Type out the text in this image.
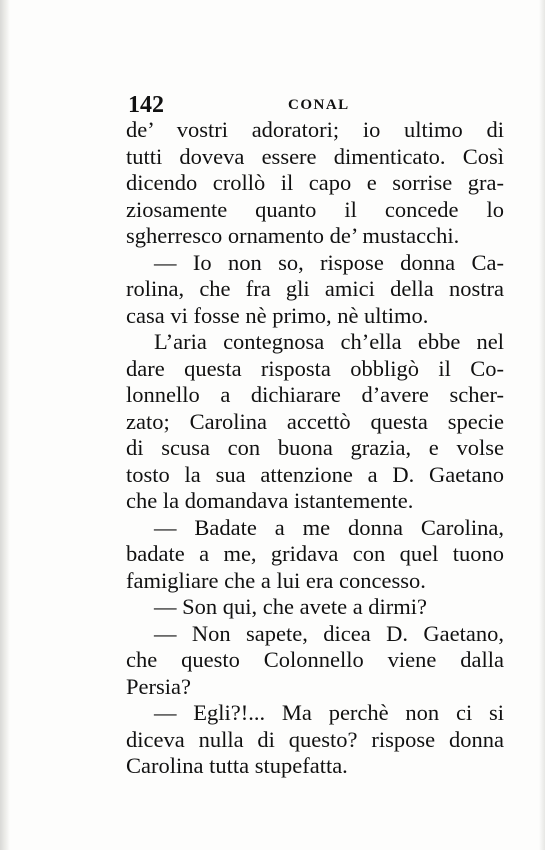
142	CONAL
de’ vostri adoratori; io ultimo di
tutti doveva essere dimenticato. Così
dicendo crollò il capo e sorrise gra-
ziosamente quanto il concede lo
sgherresco ornamento de’ mustacchi.
— Io non so, rispose donna Ca-
rolina, che fra gli amici della nostra
casa vi fosse nè primo, nè ultimo.
L’aria contegnosa ch’ella ebbe nel
dare questa risposta obbligò il Co-
lonnello a dichiarare d’avere scher-
zato; Carolina accettò questa specie
di scusa con buona grazia, e volse
tosto la sua attenzione a D. Gaetano
che la domandava istantemente.
— Badate a me donna Carolina,
badate a me, gridava con quel tuono
famigliare che a lui era concesso.
— Son qui, che avete a dirmi?
— Non sapete, dicea D. Gaetano,
che questo Colonnello viene dalla
Persia?
— Egli?!... Ma perchè non ci si
diceva nulla di questo? rispose donna
Carolina tutta stupefatta.
